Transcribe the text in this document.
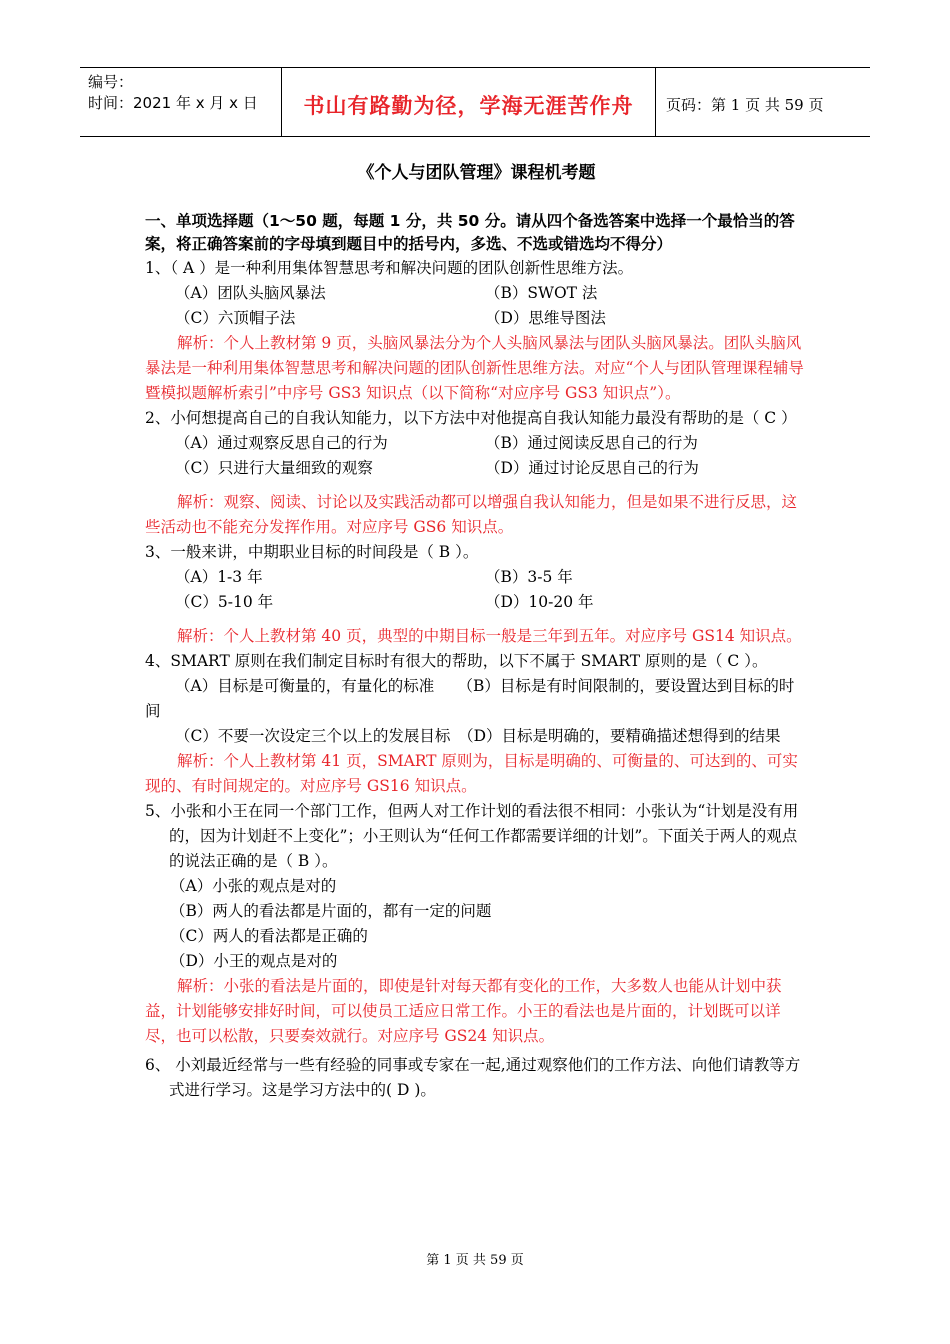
编号：
时间：2021 年 x 月 x 日	书山有路勤为径，学海无涯苦作舟	页码：第 1 页 共 59 页
《个人与团队管理》课程机考题

一、单项选择题（1～50 题，每题 1 分，共 50 分。请从四个备选答案中选择一个最恰当的答案，将正确答案前的字母填到题目中的括号内，多选、不选或错选均不得分）

1、（ A ）是一种利用集体智慧思考和解决问题的团队创新性思维方法。

（A）团队头脑风暴法	（B）SWOT 法
（C）六顶帽子法	（D）思维导图法

解析：个人上教材第 9 页，头脑风暴法分为个人头脑风暴法与团队头脑风暴法。团队头脑风暴法是一种利用集体智慧思考和解决问题的团队创新性思维方法。对应“个人与团队管理课程辅导暨模拟题解析索引”中序号 GS3 知识点（以下简称“对应序号 GS3 知识点”）。

2、小何想提高自己的自我认知能力，以下方法中对他提高自我认知能力最没有帮助的是（ C ）

（A）通过观察反思自己的行为	（B）通过阅读反思自己的行为
（C）只进行大量细致的观察	（D）通过讨论反思自己的行为

解析：观察、阅读、讨论以及实践活动都可以增强自我认知能力，但是如果不进行反思，这些活动也不能充分发挥作用。对应序号 GS6 知识点。

3、一般来讲，中期职业目标的时间段是（ B ）。

（A）1-3 年	（B）3-5 年
（C）5-10 年	（D）10-20 年

解析：个人上教材第 40 页，典型的中期目标一般是三年到五年。对应序号 GS14 知识点。

4、SMART 原则在我们制定目标时有很大的帮助，以下不属于 SMART 原则的是（ C ）。

（A）目标是可衡量的，有量化的标准　　（B）目标是有时间限制的，要设置达到目标的时间
（C）不要一次设定三个以上的发展目标　（D）目标是明确的，要精确描述想得到的结果

解析：个人上教材第 41 页，SMART 原则为，目标是明确的、可衡量的、可达到的、可实现的、有时间规定的。对应序号 GS16 知识点。

5、小张和小王在同一个部门工作，但两人对工作计划的看法很不相同：小张认为“计划是没有用的，因为计划赶不上变化”；小王则认为“任何工作都需要详细的计划”。下面关于两人的观点的说法正确的是（ B ）。

（A）小张的观点是对的
（B）两人的看法都是片面的，都有一定的问题
（C）两人的看法都是正确的
（D）小王的观点是对的

解析：小张的看法是片面的，即使是针对每天都有变化的工作，大多数人也能从计划中获益，计划能够安排好时间，可以使员工适应日常工作。小王的看法也是片面的，计划既可以详尽，也可以松散，只要奏效就行。对应序号 GS24 知识点。

6、 小刘最近经常与一些有经验的同事或专家在一起,通过观察他们的工作方法、向他们请教等方式进行学习。这是学习方法中的( D )。

第 1 页 共 59 页
